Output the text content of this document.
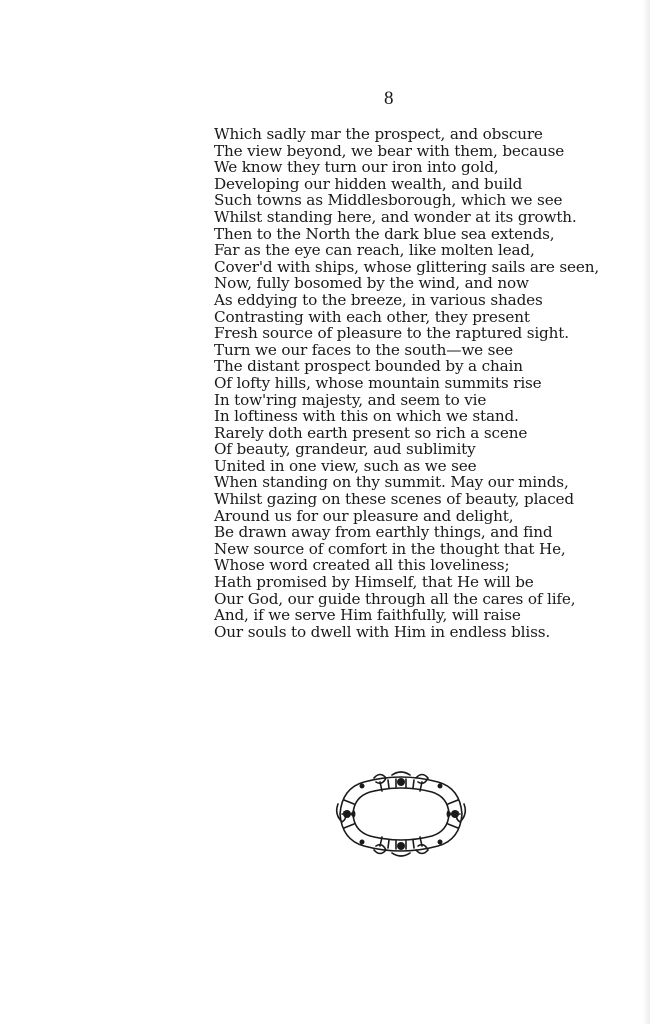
8
Which sadly mar the prospect, and obscure
The view beyond, we bear with them, because
We know they turn our iron into gold,
Developing our hidden wealth, and build
Such towns as Middlesborough, which we see
Whilst standing here, and wonder at its growth.
Then to the North the dark blue sea extends,
Far as the eye can reach, like molten lead,
Cover'd with ships, whose glittering sails are seen,
Now, fully bosomed by the wind, and now
As eddying to the breeze, in various shades
Contrasting with each other, they present
Fresh source of pleasure to the raptured sight.
Turn we our faces to the south—we see
The distant prospect bounded by a chain
Of lofty hills, whose mountain summits rise
In tow'ring majesty, and seem to vie
In loftiness with this on which we stand.
Rarely doth earth present so rich a scene
Of beauty, grandeur, aud sublimity
United in one view, such as we see
When standing on thy summit. May our minds,
Whilst gazing on these scenes of beauty, placed
Around us for our pleasure and delight,
Be drawn away from earthly things, and find
New source of comfort in the thought that He,
Whose word created all this loveliness;
Hath promised by Himself, that He will be
Our God, our guide through all the cares of life,
And, if we serve Him faithfully, will raise
Our souls to dwell with Him in endless bliss.
